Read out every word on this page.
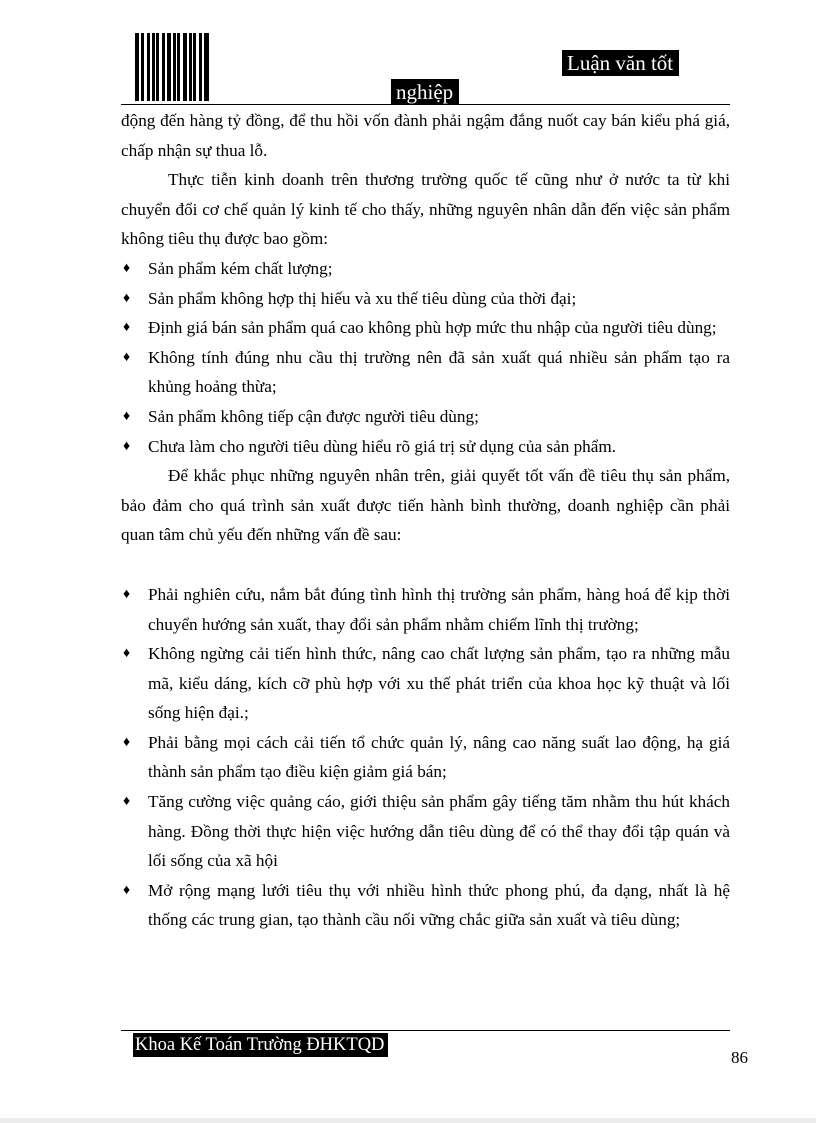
Luận văn tốt
nghiệp

động đến hàng tỷ đồng, để thu hồi vốn đành phải ngậm đắng nuốt cay bán kiểu phá giá, chấp nhận sự thua lỗ.

Thực tiễn kinh doanh trên thương trường quốc tế cũng như ở nước ta từ khi chuyển đổi cơ chế quản lý kinh tế cho thấy, những nguyên nhân dẫn đến việc sản phẩm không tiêu thụ được bao gồm:

♦ Sản phẩm kém chất lượng;
♦ Sản phẩm không hợp thị hiếu và xu thế tiêu dùng của thời đại;
♦ Định giá bán sản phẩm quá cao không phù hợp mức thu nhập của người tiêu dùng;
♦ Không tính đúng nhu cầu thị trường nên đã sản xuất quá nhiều sản phẩm tạo ra khủng hoảng thừa;
♦ Sản phẩm không tiếp cận được người tiêu dùng;
♦ Chưa làm cho người tiêu dùng hiểu rõ giá trị sử dụng của sản phẩm.

Để khắc phục những nguyên nhân trên, giải quyết tốt vấn đề tiêu thụ sản phẩm, bảo đảm cho quá trình sản xuất được tiến hành bình thường, doanh nghiệp cần phải quan tâm chủ yếu đến những vấn đề sau:

♦ Phải nghiên cứu, nắm bắt đúng tình hình thị trường sản phẩm, hàng hoá để kịp thời chuyển hướng sản xuất, thay đổi sản phẩm nhằm chiếm lĩnh thị trường;
♦ Không ngừng cải tiến hình thức, nâng cao chất lượng sản phẩm, tạo ra những mẫu mã, kiểu dáng, kích cỡ phù hợp với xu thế phát triển của khoa học kỹ thuật và lối sống hiện đại.;
♦ Phải bằng mọi cách cải tiến tổ chức quản lý, nâng cao năng suất lao động, hạ giá thành sản phẩm tạo điều kiện giảm giá bán;
♦ Tăng cường việc quảng cáo, giới thiệu sản phẩm gây tiếng tăm nhằm thu hút khách hàng. Đồng thời thực hiện việc hướng dẫn tiêu dùng để có thể thay đổi tập quán và lối sống của xã hội
♦ Mở rộng mạng lưới tiêu thụ với nhiều hình thức phong phú, đa dạng, nhất là hệ thống các trung gian, tạo thành cầu nối vững chắc giữa sản xuất và tiêu dùng;
Khoa Kế Toán Trường ĐHKTQD
86
